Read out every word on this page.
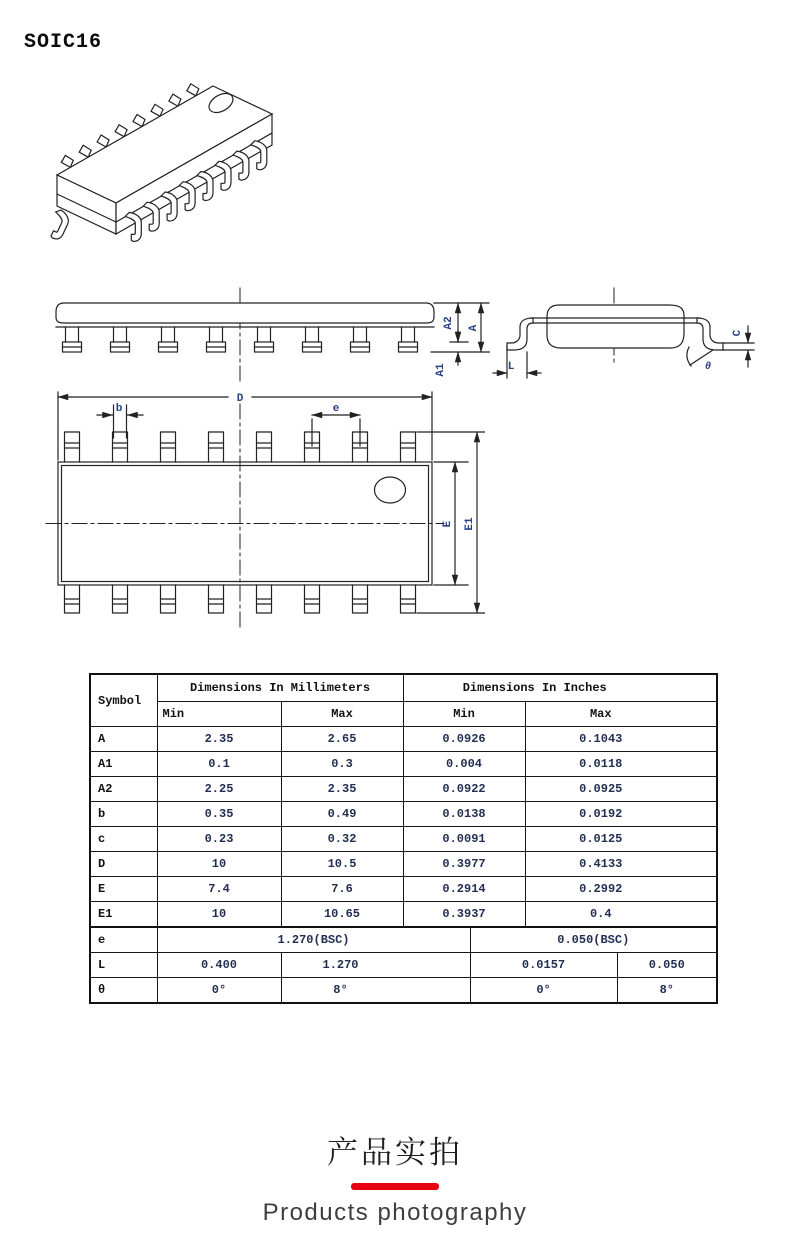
SOIC16
A2 A
A1	L	θ
C
D
b	e
E E1
Symbol	Dimensions In Millimeters		Dimensions In Inches	
	Min	Max	Min	Max
A	2.35	2.65	0.0926	0.1043
A1	0.1	0.3	0.004	0.0118
A2	2.25	2.35	0.0922	0.0925
b	0.35	0.49	0.0138	0.0192
c	0.23	0.32	0.0091	0.0125
D	10	10.5	0.3977	0.4133
E	7.4	7.6	0.2914	0.2992
E1	10	10.65	0.3937	0.4
e	1.270(BSC)		0.050(BSC)	
L	0.400	1.270	0.0157	0.050
θ	0°	8°	0°	8°
产品实拍
Products photography
